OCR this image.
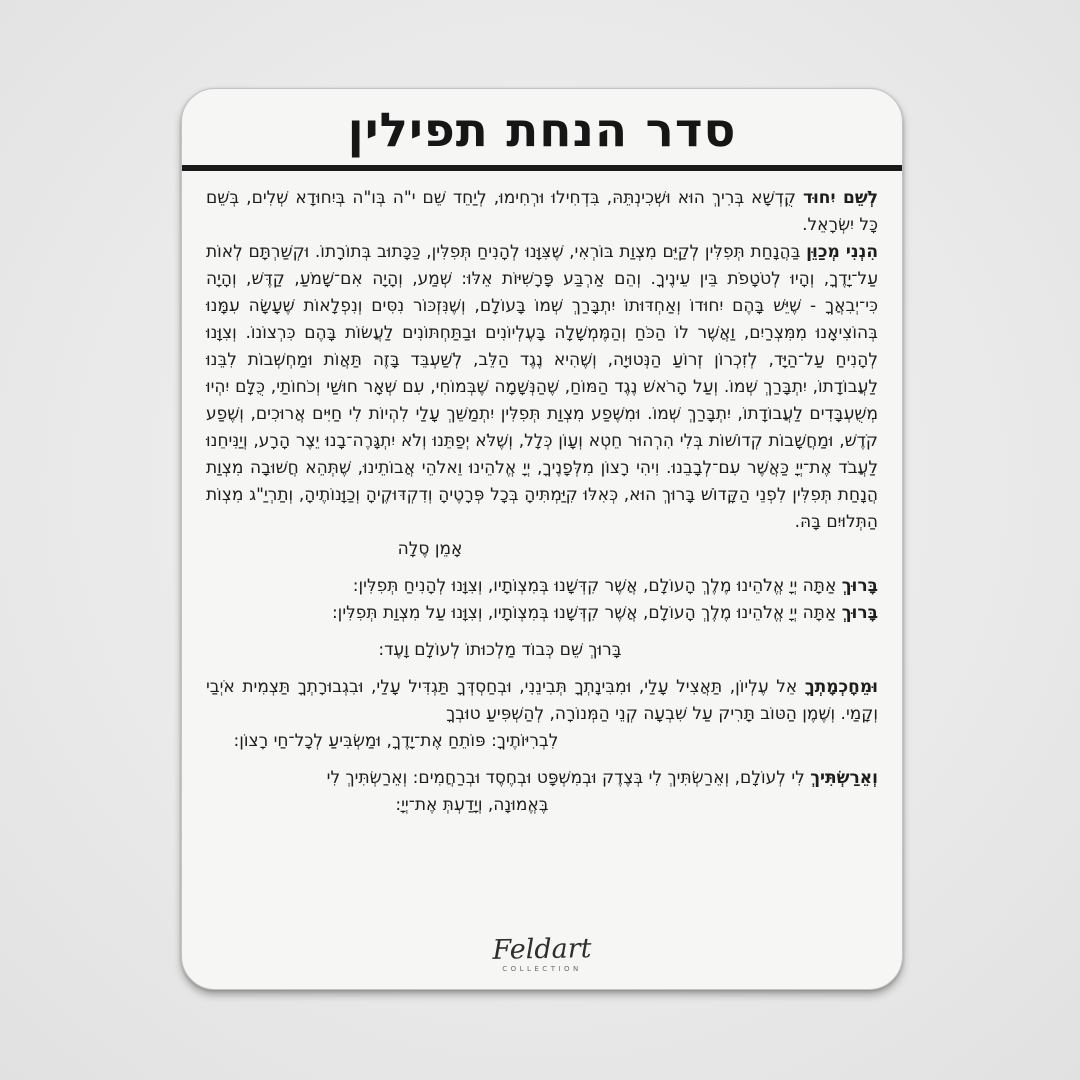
סדר הנחת תפילין

לְשֵׁם יִחוּד קֻדְשָׁא בְּרִיךְ הוּא וּשְׁכִינְתֵּהּ, בִּדְחִילוּ וּרְחִימוּ, לְיַחֵד שֵׁם י"ה בְּו"ה בְּיִחוּדָא שְׁלִים, בְּשֵׁם כָּל יִשְׂרָאֵל.

הִנְנִי מְכַוֵּן בַּהֲנָחַת תְּפִלִּין לְקַיֵּם מִצְוַת בּוֹרְאִי, שֶׁצִּוָּנוּ לְהָנִיחַ תְּפִלִּין, כַּכָּתוּב בְּתוֹרָתוֹ. וּקְשַׁרְתָּם לְאוֹת עַל־יָדֶךָ, וְהָיוּ לְטֹטָפֹת בֵּין עֵינֶיךָ. וְהֵם אַרְבַּע פָּרָשִׁיּוֹת אֵלּוּ: שְׁמַע, וְהָיָה אִם־שָׁמֹעַ, קַדֶּשׁ, וְהָיָה כִּי־יְבִאֲךָ - שֶׁיֵּשׁ בָּהֶם יִחוּדוֹ וְאַחְדּוּתוֹ יִתְבָּרַךְ שְׁמוֹ בָּעוֹלָם, וְשֶׁנִּזְכּוֹר נִסִּים וְנִפְלָאוֹת שֶׁעָשָׂה עִמָּנוּ בְּהוֹצִיאָנוּ מִמִּצְרַיִם, וַאֲשֶׁר לוֹ הַכֹּחַ וְהַמֶּמְשָׁלָה בָּעֶלְיוֹנִים וּבַתַּחְתּוֹנִים לַעֲשׂוֹת בָּהֶם כִּרְצוֹנוֹ. וְצִוָּנוּ לְהָנִיחַ עַל־הַיָּד, לְזִכְרוֹן זְרוֹעַ הַנְּטוּיָה, וְשֶׁהִיא נֶגֶד הַלֵּב, לְשַׁעְבֵּד בָּזֶה תַּאֲוֹת וּמַחְשְׁבוֹת לִבֵּנוּ לַעֲבוֹדָתוֹ, יִתְבָּרַךְ שְׁמוֹ. וְעַל הָרֹאשׁ נֶגֶד הַמּוֹחַ, שֶׁהַנְּשָׁמָה שֶׁבְּמוֹחִי, עִם שְׁאָר חוּשַׁי וְכֹחוֹתַי, כֻּלָּם יִהְיוּ מְשֻׁעְבָּדִים לַעֲבוֹדָתוֹ, יִתְבָּרַךְ שְׁמוֹ. וּמִשֶּׁפַע מִצְוַת תְּפִלִּין יִתְמַשֵּׁךְ עָלַי לִהְיוֹת לִי חַיִּים אֲרוּכִים, וְשֶׁפַע קֹדֶשׁ, וּמַחֲשָׁבוֹת קְדוֹשׁוֹת בְּלִי הִרְהוּר חֵטְא וְעָוֹן כְּלָל, וְשֶׁלֹּא יְפַתֵּנוּ וְלֹא יִתְגָּרֶה־בָנוּ יֵצֶר הָרָע, וְיַנִּיחֵנוּ לַעֲבֹד אֶת־יְיָ כַּאֲשֶׁר עִם־לְבָבֵנוּ. וִיהִי רָצוֹן מִלְּפָנֶיךָ, יְיָ אֱלֹהֵינוּ וֵאלֹהֵי אֲבוֹתֵינוּ, שֶׁתְּהֵא חֲשׁוּבָה מִצְוַת הֲנָחַת תְּפִלִּין לִפְנֵי הַקָּדוֹשׁ בָּרוּךְ הוּא, כְּאִלּוּ קִיַּמְתִּיהָ בְּכָל פְּרָטֶיהָ וְדִקְדּוּקֶיהָ וְכַוָּנוֹתֶיהָ, וְתַרְיַ"ג מִצְוֹת הַתְּלוּיִם בָּהּ.

אָמֵן סֶלָה

בָּרוּךְ אַתָּה יְיָ אֱלֹהֵינוּ מֶלֶךְ הָעוֹלָם, אֲשֶׁר קִדְּשָׁנוּ בְּמִצְוֹתָיו, וְצִוָּנוּ לְהָנִיחַ תְּפִלִּין:

בָּרוּךְ אַתָּה יְיָ אֱלֹהֵינוּ מֶלֶךְ הָעוֹלָם, אֲשֶׁר קִדְּשָׁנוּ בְּמִצְוֹתָיו, וְצִוָּנוּ עַל מִצְוַת תְּפִלִּין:

בָּרוּךְ שֵׁם כְּבוֹד מַלְכוּתוֹ לְעוֹלָם וָעֶד:

וּמֵחָכְמָתְךָ אֵל עֶלְיוֹן, תַּאֲצִיל עָלַי, וּמִבִּינָתְךָ תְּבִינֵנִי, וּבְחַסְדְּךָ תַּגְדִּיל עָלַי, וּבִגְבוּרָתְךָ תַּצְמִית אֹיְבַי וְקָמַי. וְשֶׁמֶן הַטּוֹב תָּרִיק עַל שִׁבְעָה קְנֵי הַמְּנוֹרָה, לְהַשְׁפִּיעַ טוּבְךָ

לִבְרִיּוֹתֶיךָ: פּוֹתֵחַ אֶת־יָדֶךָ, וּמַשְׂבִּיעַ לְכָל־חַי רָצוֹן:

וְאֵרַשְׂתִּיךְ לִי לְעוֹלָם, וְאֵרַשְׂתִּיךְ לִי בְּצֶדֶק וּבְמִשְׁפָּט וּבְחֶסֶד וּבְרַחֲמִים: וְאֵרַשְׂתִּיךְ לִי

בֶּאֱמוּנָה, וְיָדַעְתְּ אֶת־יְיָ:

Feldart
COLLECTION
